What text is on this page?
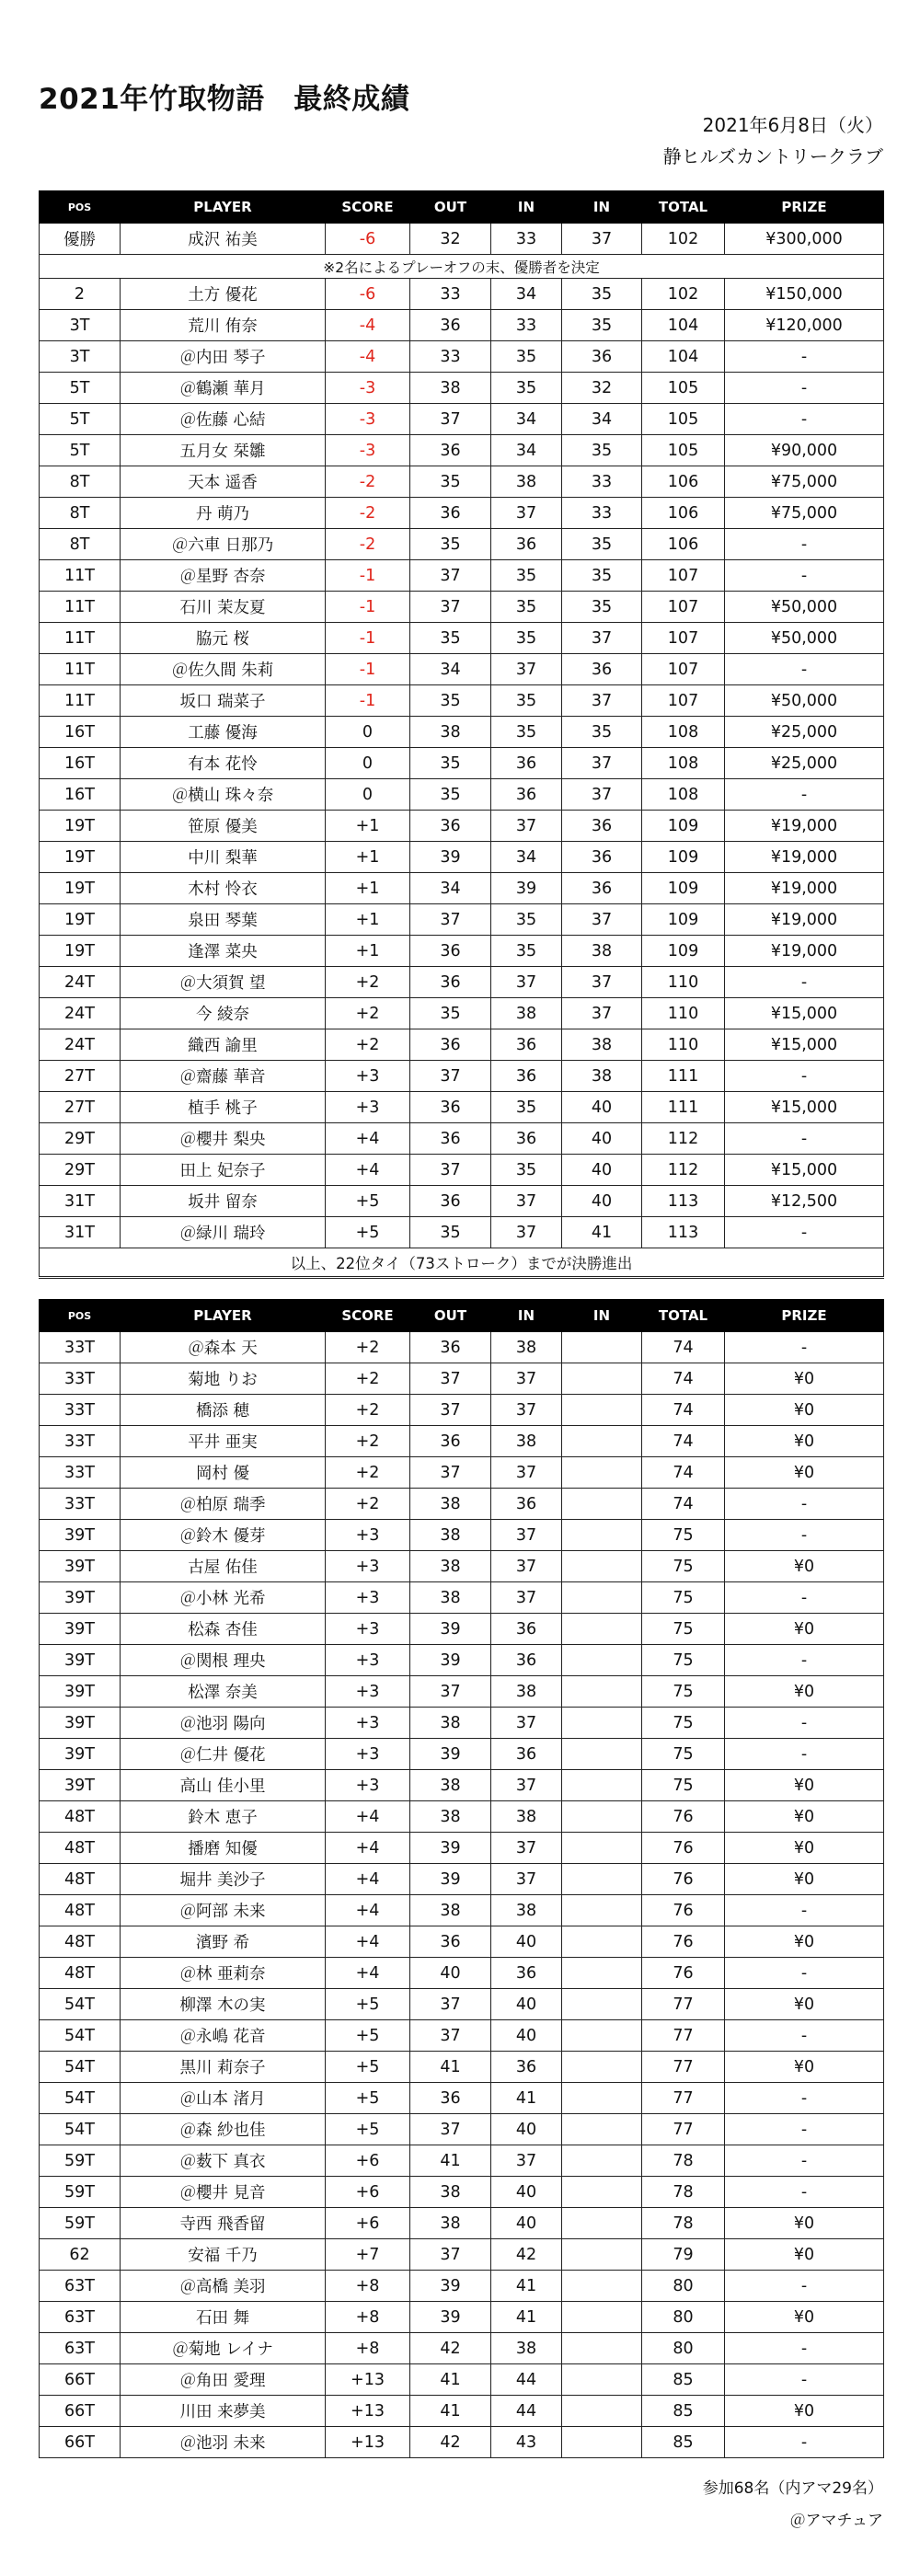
2021年竹取物語　最終成績
2021年6月8日（火）
静ヒルズカントリークラブ
POS	PLAYER	SCORE	OUT	IN	IN	TOTAL	PRIZE
優勝	成沢 祐美	-6	32	33	37	102	¥300,000
※2名によるプレーオフの末、優勝者を決定							
2	土方 優花	-6	33	34	35	102	¥150,000
3T	荒川 侑奈	-4	36	33	35	104	¥120,000
3T	＠内田 琴子	-4	33	35	36	104	-
5T	＠鶴瀬 華月	-3	38	35	32	105	-
5T	＠佐藤 心結	-3	37	34	34	105	-
5T	五月女 栞雛	-3	36	34	35	105	¥90,000
8T	天本 遥香	-2	35	38	33	106	¥75,000
8T	丹 萌乃	-2	36	37	33	106	¥75,000
8T	＠六車 日那乃	-2	35	36	35	106	-
11T	＠星野 杏奈	-1	37	35	35	107	-
11T	石川 茉友夏	-1	37	35	35	107	¥50,000
11T	脇元 桜	-1	35	35	37	107	¥50,000
11T	＠佐久間 朱莉	-1	34	37	36	107	-
11T	坂口 瑞菜子	-1	35	35	37	107	¥50,000
16T	工藤 優海	0	38	35	35	108	¥25,000
16T	有本 花怜	0	35	36	37	108	¥25,000
16T	＠横山 珠々奈	0	35	36	37	108	-
19T	笹原 優美	+1	36	37	36	109	¥19,000
19T	中川 梨華	+1	39	34	36	109	¥19,000
19T	木村 怜衣	+1	34	39	36	109	¥19,000
19T	泉田 琴葉	+1	37	35	37	109	¥19,000
19T	逢澤 菜央	+1	36	35	38	109	¥19,000
24T	＠大須賀 望	+2	36	37	37	110	-
24T	今 綾奈	+2	35	38	37	110	¥15,000
24T	織西 諭里	+2	36	36	38	110	¥15,000
27T	＠齋藤 華音	+3	37	36	38	111	-
27T	植手 桃子	+3	36	35	40	111	¥15,000
29T	＠櫻井 梨央	+4	36	36	40	112	-
29T	田上 妃奈子	+4	37	35	40	112	¥15,000
31T	坂井 留奈	+5	36	37	40	113	¥12,500
31T	＠緑川 瑞玲	+5	35	37	41	113	-
以上、22位タイ（73ストローク）までが決勝進出							
POS	PLAYER	SCORE	OUT	IN	IN	TOTAL	PRIZE
33T	＠森本 天	+2	36	38		74	-
33T	菊地 りお	+2	37	37		74	¥0
33T	橋添 穂	+2	37	37		74	¥0
33T	平井 亜実	+2	36	38		74	¥0
33T	岡村 優	+2	37	37		74	¥0
33T	＠柏原 瑞季	+2	38	36		74	-
39T	＠鈴木 優芽	+3	38	37		75	-
39T	古屋 佑佳	+3	38	37		75	¥0
39T	＠小林 光希	+3	38	37		75	-
39T	松森 杏佳	+3	39	36		75	¥0
39T	＠関根 理央	+3	39	36		75	-
39T	松澤 奈美	+3	37	38		75	¥0
39T	＠池羽 陽向	+3	38	37		75	-
39T	＠仁井 優花	+3	39	36		75	-
39T	高山 佳小里	+3	38	37		75	¥0
48T	鈴木 恵子	+4	38	38		76	¥0
48T	播磨 知優	+4	39	37		76	¥0
48T	堀井 美沙子	+4	39	37		76	¥0
48T	＠阿部 未来	+4	38	38		76	-
48T	濱野 希	+4	36	40		76	¥0
48T	＠林 亜莉奈	+4	40	36		76	-
54T	柳澤 木の実	+5	37	40		77	¥0
54T	＠永嶋 花音	+5	37	40		77	-
54T	黒川 莉奈子	+5	41	36		77	¥0
54T	＠山本 渚月	+5	36	41		77	-
54T	＠森 紗也佳	+5	37	40		77	-
59T	＠薮下 真衣	+6	41	37		78	-
59T	＠櫻井 見音	+6	38	40		78	-
59T	寺西 飛香留	+6	38	40		78	¥0
62	安福 千乃	+7	37	42		79	¥0
63T	＠高橋 美羽	+8	39	41		80	-
63T	石田 舞	+8	39	41		80	¥0
63T	＠菊地 レイナ	+8	42	38		80	-
66T	＠角田 愛理	+13	41	44		85	-
66T	川田 来夢美	+13	41	44		85	¥0
66T	＠池羽 未来	+13	42	43		85	-
参加68名（内アマ29名）
＠アマチュア
